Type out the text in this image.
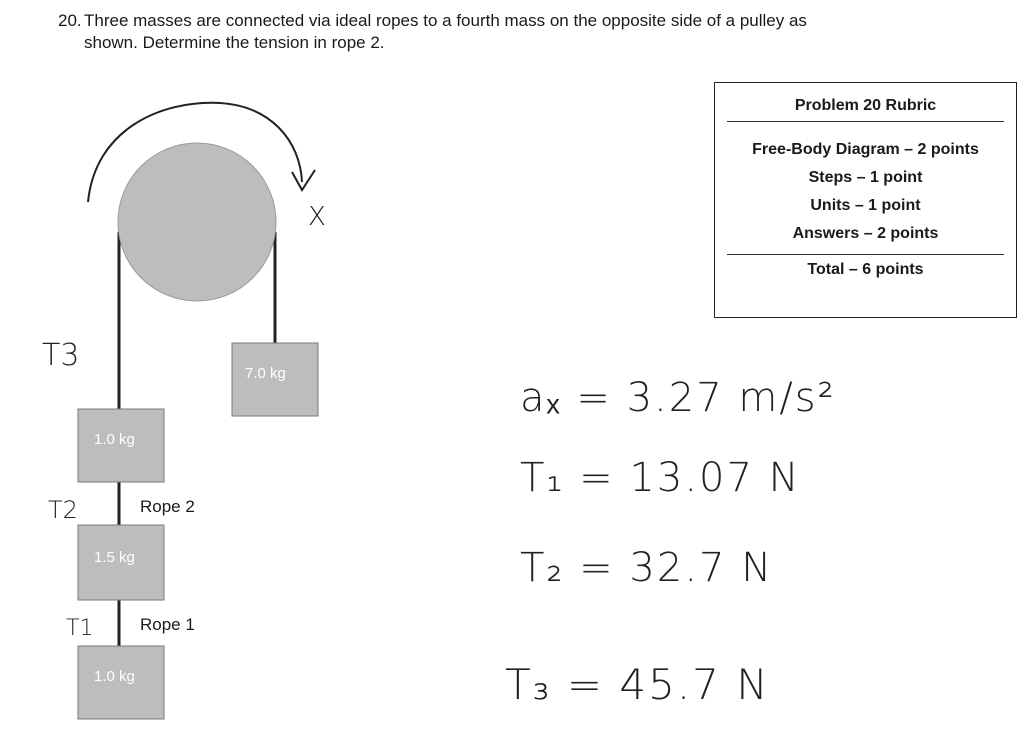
20. Three masses are connected via ideal ropes to a fourth mass on the opposite side of a pulley as
shown. Determine the tension in rope 2.
Problem 20 Rubric
Free-Body Diagram – 2 points
Steps – 1 point
Units – 1 point
Answers – 2 points
Total – 6 points
7.0 kg
1.0 kg
1.5 kg
1.0 kg
Rope 2
Rope 1
X
T3
T2
T1
aₓ = 3.27 m/s²
T₁ = 13.07 N
T₂ = 32.7 N
T₃ = 45.7 N
